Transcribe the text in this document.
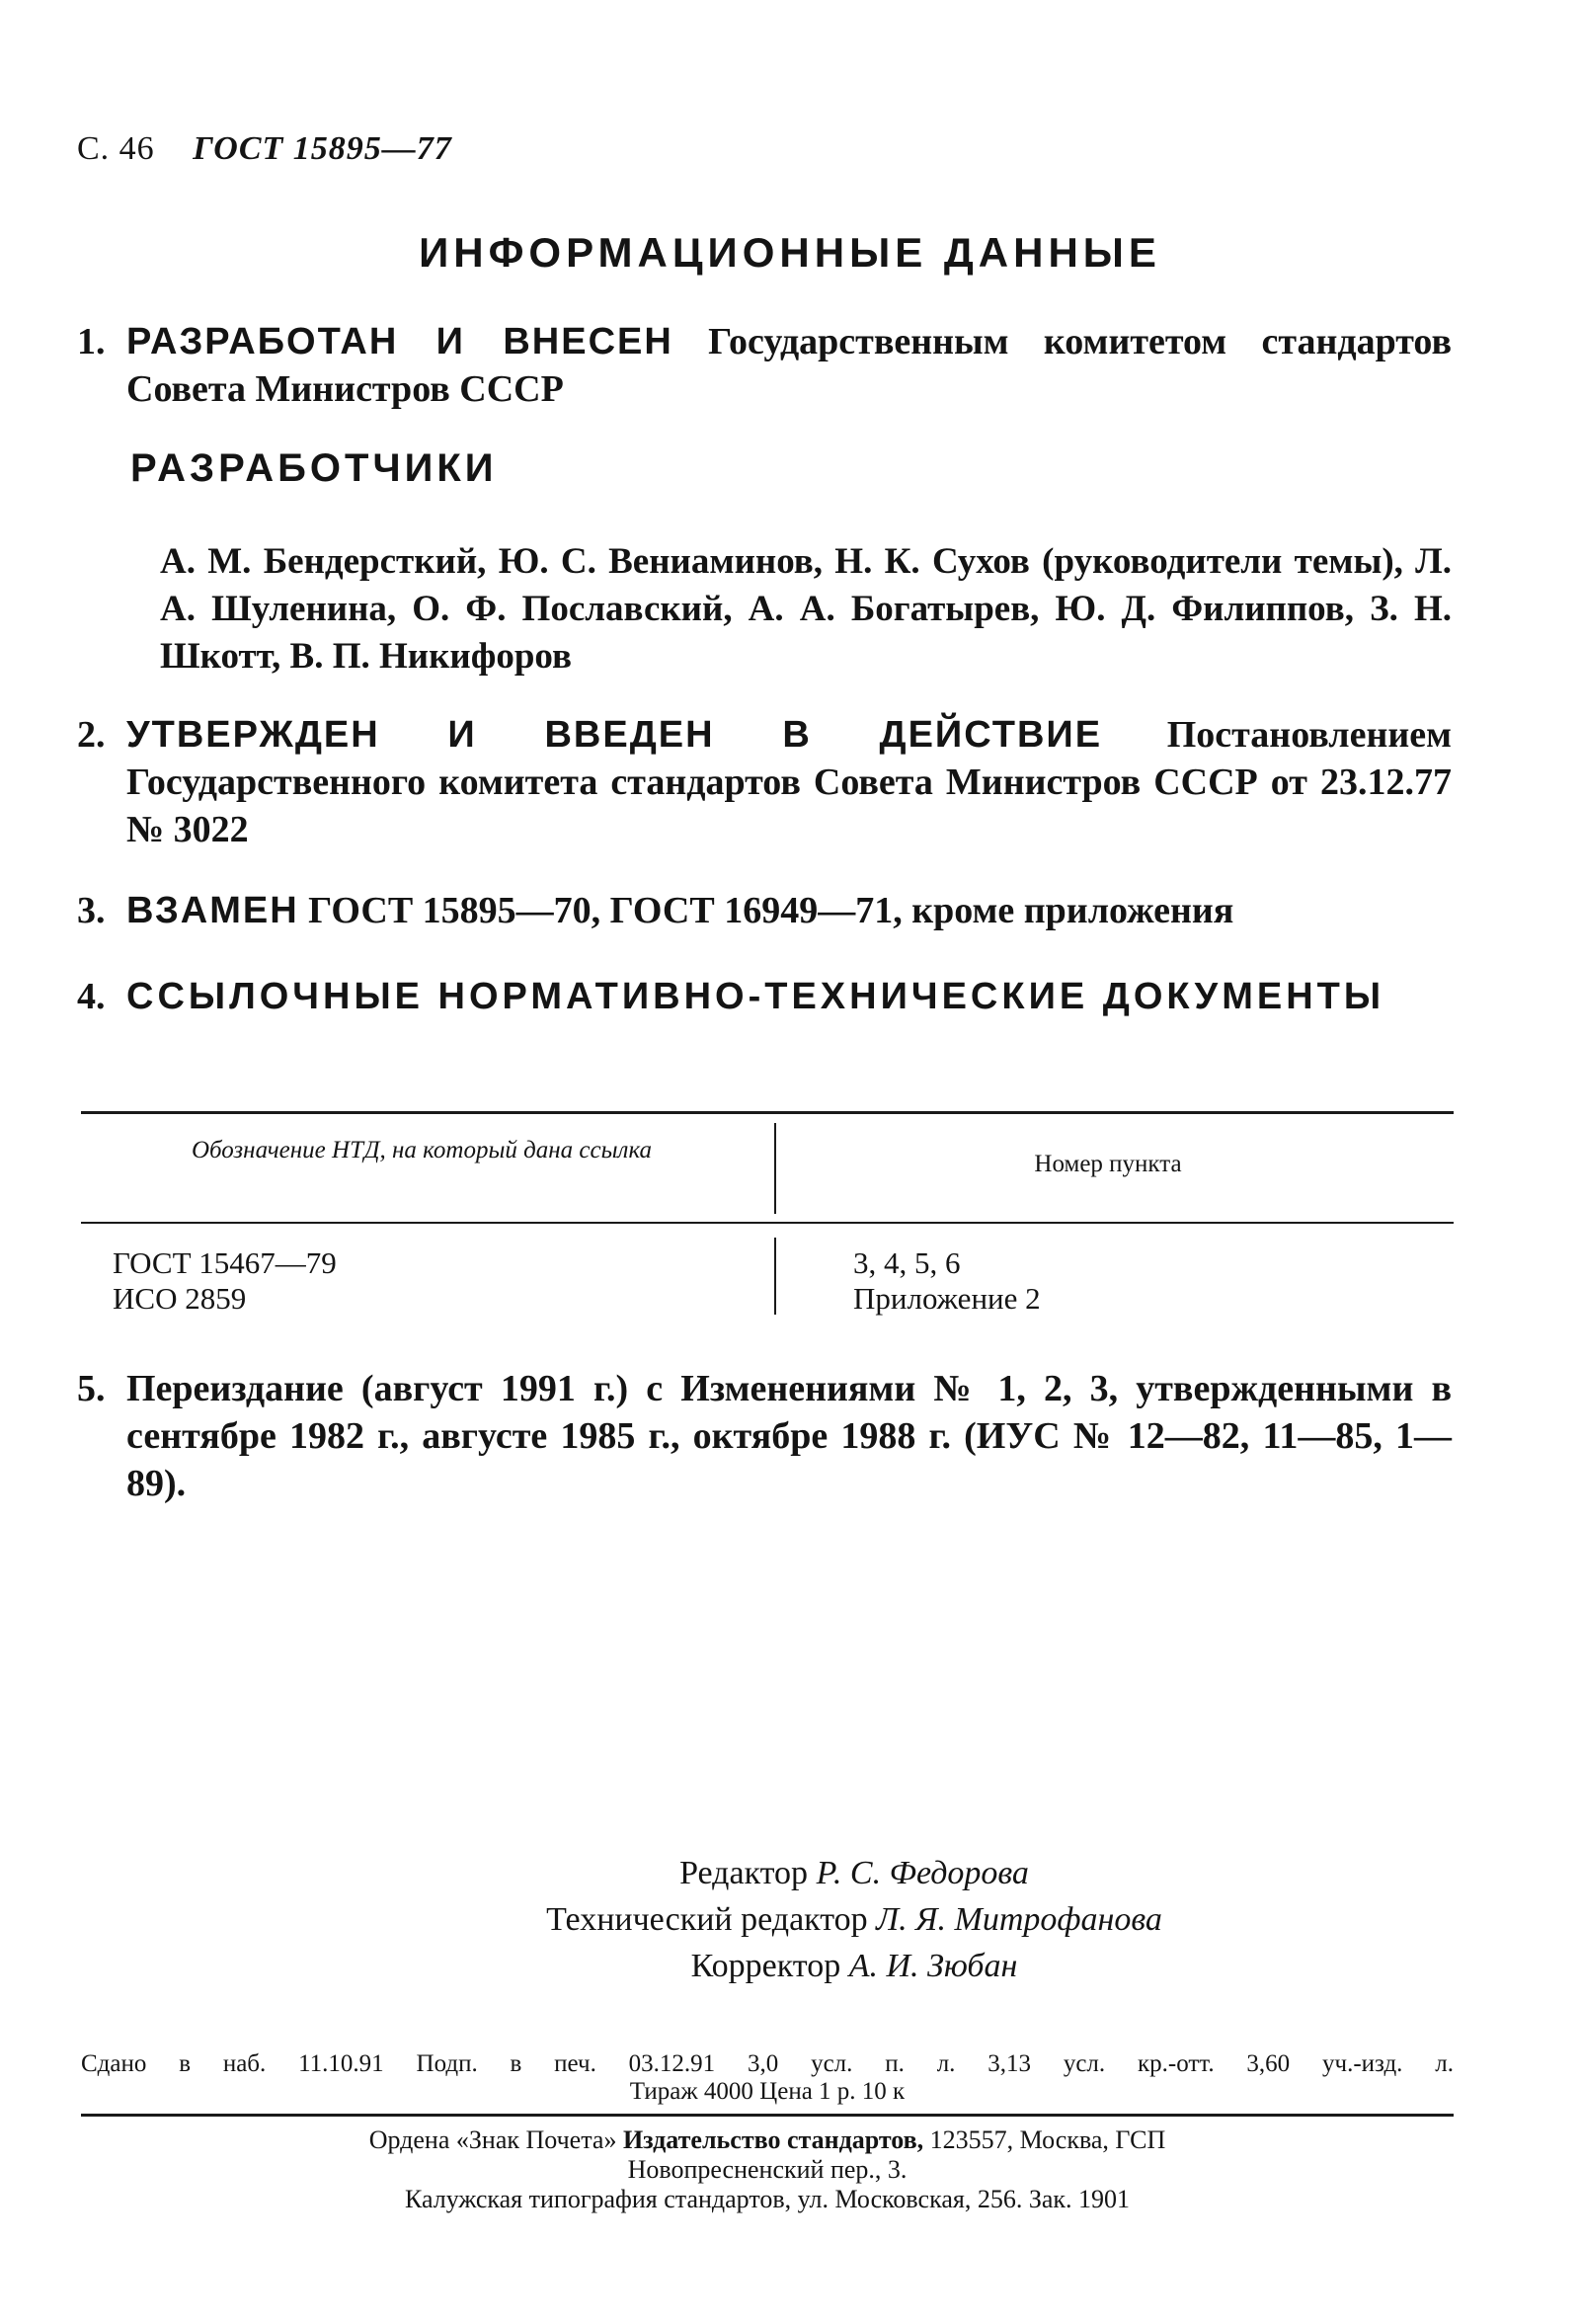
С. 46 ГОСТ 15895—77
ИНФОРМАЦИОННЫЕ ДАННЫЕ
1. РАЗРАБОТАН И ВНЕСЕН Государственным комитетом стандартов Совета Министров СССР
РАЗРАБОТЧИКИ
А. М. Бендерсткий, Ю. С. Вениаминов, Н. К. Сухов (руководители темы), Л. А. Шуленина, О. Ф. Пославский, А. А. Богатырев, Ю. Д. Филиппов, З. Н. Шкотт, В. П. Никифоров
2. УТВЕРЖДЕН И ВВЕДЕН В ДЕЙСТВИЕ Постановлением Государственного комитета стандартов Совета Министров СССР от 23.12.77 № 3022
3. ВЗАМЕН ГОСТ 15895—70, ГОСТ 16949—71, кроме приложения
4. ССЫЛОЧНЫЕ НОРМАТИВНО-ТЕХНИЧЕСКИЕ ДОКУМЕНТЫ
Обозначение НТД, на который дана ссылка
Номер пункта
ГОСТ 15467—79
ИСО 2859
3, 4, 5, 6
Приложение 2
5. Переиздание (август 1991 г.) с Изменениями № 1, 2, 3, утвержденными в сентябре 1982 г., августе 1985 г., октябре 1988 г. (ИУС № 12—82, 11—85, 1—89).
Редактор Р. С. Федорова
Технический редактор Л. Я. Митрофанова
Корректор А. И. Зюбан
Сдано в наб. 11.10.91 Подп. в печ. 03.12.91 3,0 усл. п. л. 3,13 усл. кр.-отт. 3,60 уч.-изд. л.
Тираж 4000 Цена 1 р. 10 к
Ордена «Знак Почета» Издательство стандартов, 123557, Москва, ГСП
Новопресненский пер., 3.
Калужская типография стандартов, ул. Московская, 256. Зак. 1901
